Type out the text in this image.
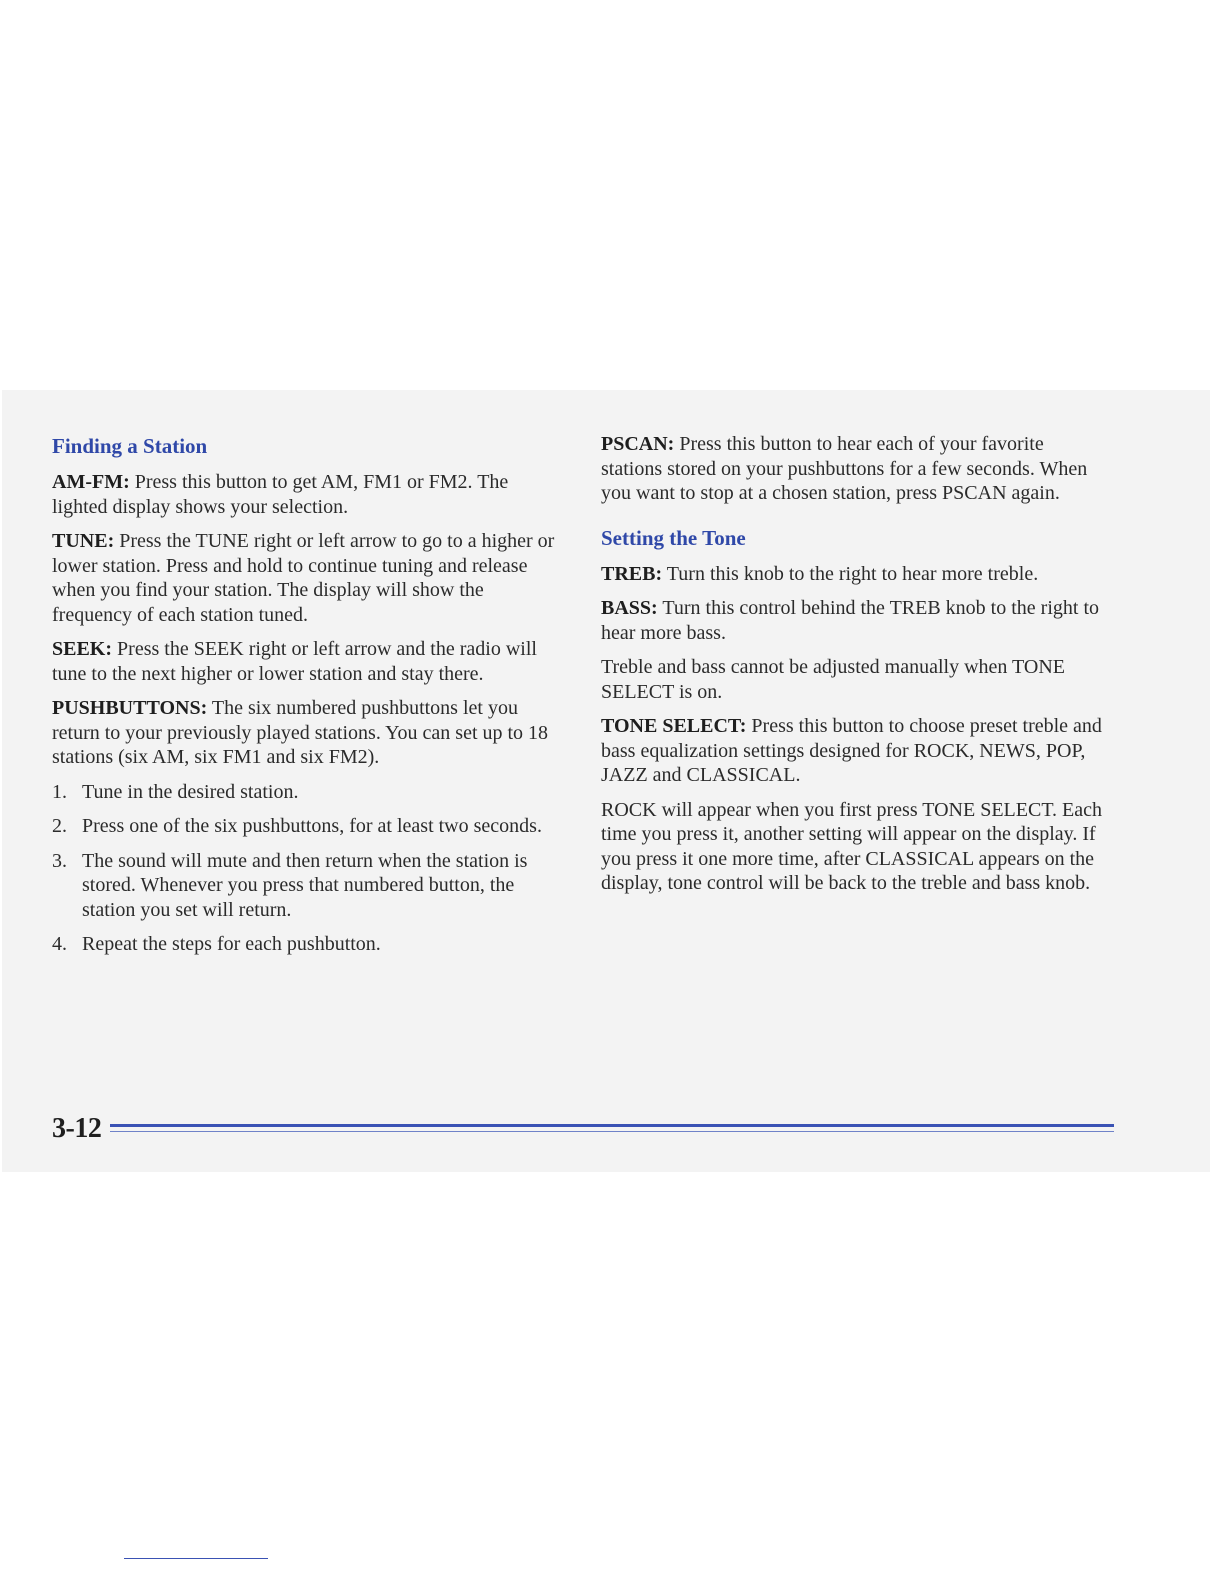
Finding a Station

AM-FM: Press this button to get AM, FM1 or FM2. The lighted display shows your selection.

TUNE: Press the TUNE right or left arrow to go to a higher or lower station. Press and hold to continue tuning and release when you find your station. The display will show the frequency of each station tuned.

SEEK: Press the SEEK right or left arrow and the radio will tune to the next higher or lower station and stay there.

PUSHBUTTONS: The six numbered pushbuttons let you return to your previously played stations. You can set up to 18 stations (six AM, six FM1 and six FM2).

1. Tune in the desired station.
2. Press one of the six pushbuttons, for at least two seconds.
3. The sound will mute and then return when the station is stored. Whenever you press that numbered button, the station you set will return.
4. Repeat the steps for each pushbutton.

PSCAN: Press this button to hear each of your favorite stations stored on your pushbuttons for a few seconds. When you want to stop at a chosen station, press PSCAN again.

Setting the Tone

TREB: Turn this knob to the right to hear more treble.

BASS: Turn this control behind the TREB knob to the right to hear more bass.

Treble and bass cannot be adjusted manually when TONE SELECT is on.

TONE SELECT: Press this button to choose preset treble and bass equalization settings designed for ROCK, NEWS, POP, JAZZ and CLASSICAL.

ROCK will appear when you first press TONE SELECT. Each time you press it, another setting will appear on the display. If you press it one more time, after CLASSICAL appears on the display, tone control will be back to the treble and bass knob.

3-12
